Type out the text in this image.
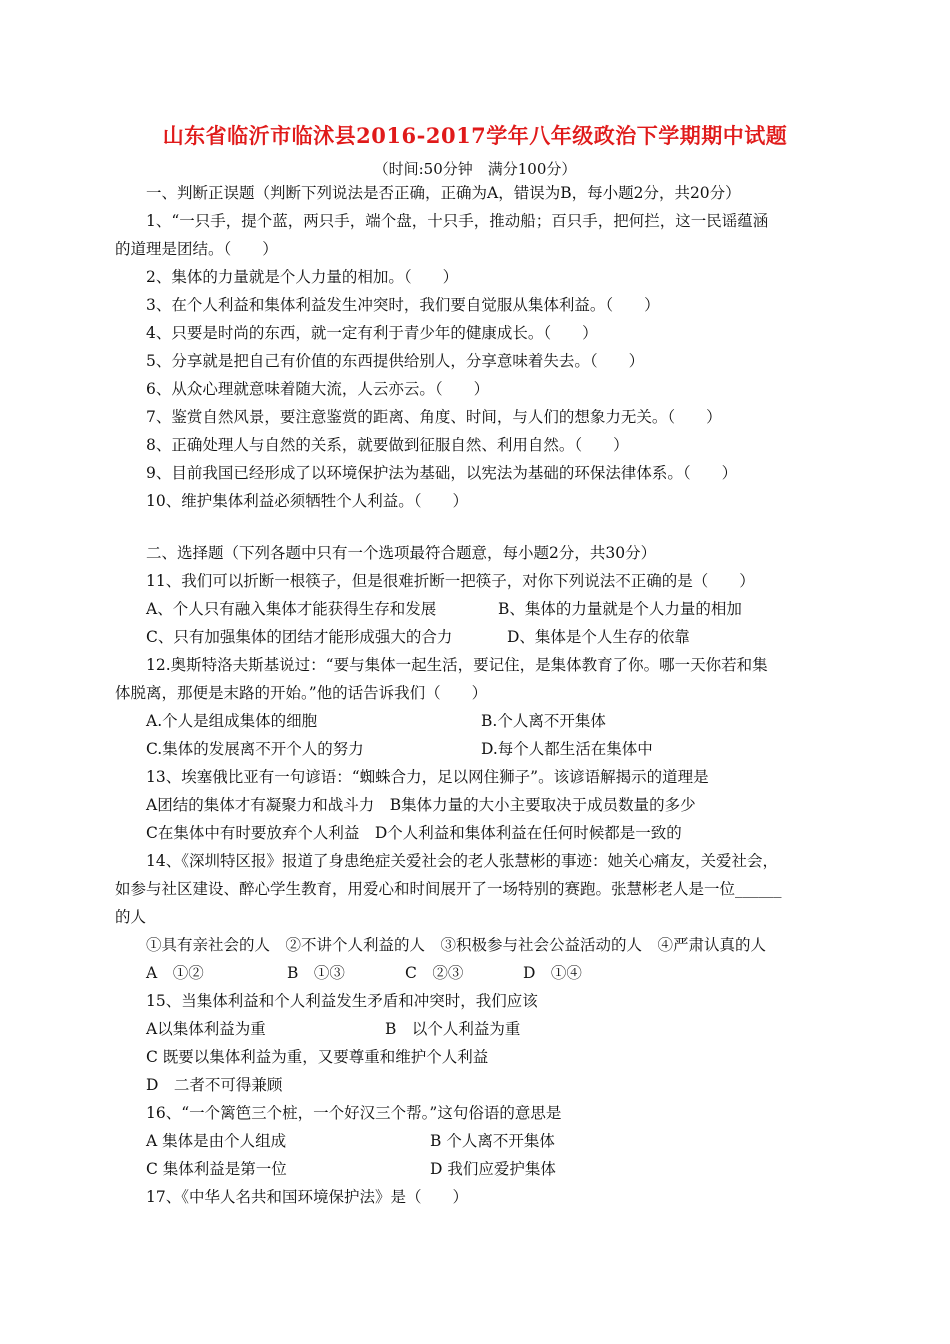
山东省临沂市临沭县2016-2017学年八年级政治下学期期中试题
（时间:50分钟　满分100分）
一、判断正误题（判断下列说法是否正确，正确为A，错误为B，每小题2分，共20分）
1、“一只手，提个蓝，两只手，端个盘，十只手，推动船；百只手，把何拦，这一民谣蕴涵
的道理是团结。（　　）
2、集体的力量就是个人力量的相加。（　　）
3、在个人利益和集体利益发生冲突时，我们要自觉服从集体利益。（　　）
4、只要是时尚的东西，就一定有利于青少年的健康成长。（　　）
5、分享就是把自己有价值的东西提供给别人，分享意味着失去。（　　）
6、从众心理就意味着随大流，人云亦云。（　　）
7、鉴赏自然风景，要注意鉴赏的距离、角度、时间，与人们的想象力无关。（　　）
8、正确处理人与自然的关系，就要做到征服自然、利用自然。（　　）
9、目前我国已经形成了以环境保护法为基础，以宪法为基础的环保法律体系。（　　）
10、维护集体利益必须牺牲个人利益。（　　）
二、选择题（下列各题中只有一个选项最符合题意，每小题2分，共30分）
11、我们可以折断一根筷子，但是很难折断一把筷子，对你下列说法不正确的是（　　）
A、个人只有融入集体才能获得生存和发展	B、集体的力量就是个人力量的相加
C、只有加强集体的团结才能形成强大的合力	D、集体是个人生存的依靠
12.奥斯特洛夫斯基说过：“要与集体一起生活，要记住，是集体教育了你。哪一天你若和集
体脱离，那便是末路的开始。”他的话告诉我们（　　）
A.个人是组成集体的细胞	B.个人离不开集体
C.集体的发展离不开个人的努力	D.每个人都生活在集体中
13、埃塞俄比亚有一句谚语：“蜘蛛合力，足以网住狮子”。该谚语解揭示的道理是
A团结的集体才有凝聚力和战斗力　B集体力量的大小主要取决于成员数量的多少
C在集体中有时要放弃个人利益　D个人利益和集体利益在任何时候都是一致的
14、《深圳特区报》报道了身患绝症关爱社会的老人张慧彬的事迹：她关心痛友，关爱社会，
如参与社区建设、醉心学生教育，用爱心和时间展开了一场特别的赛跑。张慧彬老人是一位______
的人
①具有亲社会的人　②不讲个人利益的人　③积极参与社会公益活动的人　④严肃认真的人
A　①②	B　①③	C　②③	D　①④
15、当集体利益和个人利益发生矛盾和冲突时，我们应该
A以集体利益为重	B　以个人利益为重
C 既要以集体利益为重，又要尊重和维护个人利益
D　二者不可得兼顾
16、“一个篱笆三个桩，一个好汉三个帮。”这句俗语的意思是
A 集体是由个人组成	B 个人离不开集体
C 集体利益是第一位	D 我们应爱护集体
17、《中华人名共和国环境保护法》是（　　）
